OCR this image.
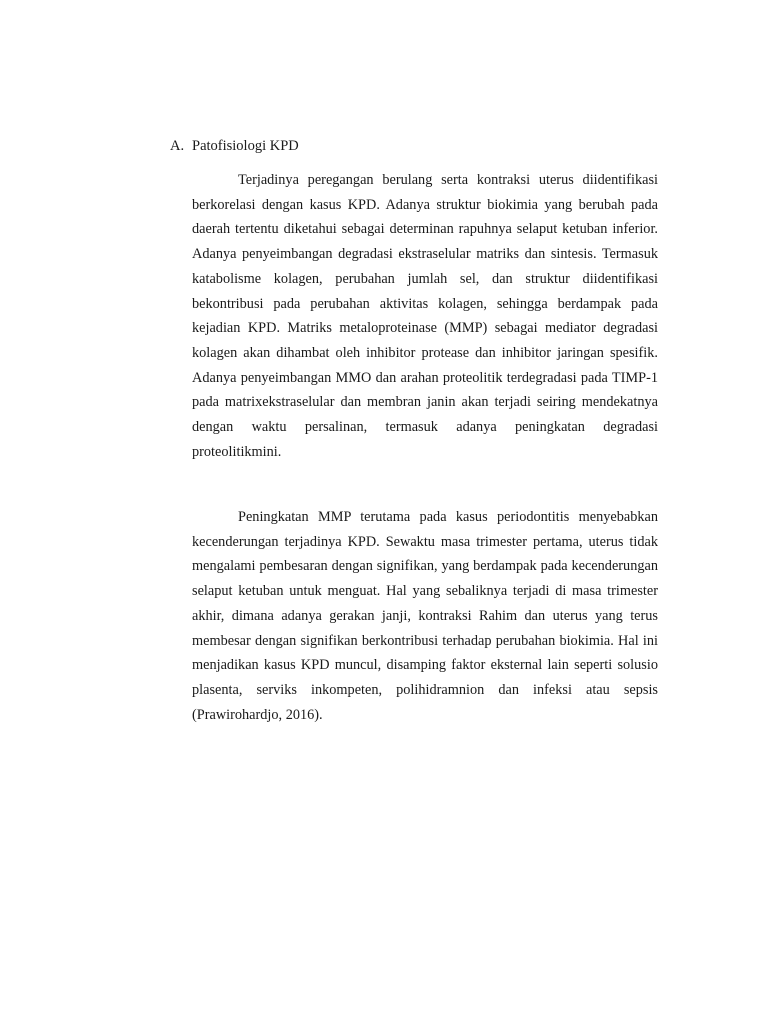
A. Patofisiologi KPD

Terjadinya peregangan berulang serta kontraksi uterus diidentifikasi berkorelasi dengan kasus KPD. Adanya struktur biokimia yang berubah pada daerah tertentu diketahui sebagai determinan rapuhnya selaput ketuban inferior. Adanya penyeimbangan degradasi ekstraselular matriks dan sintesis. Termasuk katabolisme kolagen, perubahan jumlah sel, dan struktur diidentifikasi bekontribusi pada perubahan aktivitas kolagen, sehingga berdampak pada kejadian KPD. Matriks metaloproteinase (MMP) sebagai mediator degradasi kolagen akan dihambat oleh inhibitor protease dan inhibitor jaringan spesifik. Adanya penyeimbangan MMO dan arahan proteolitik terdegradasi pada TIMP-1 pada matrixekstraselular dan membran janin akan terjadi seiring mendekatnya dengan waktu persalinan, termasuk adanya peningkatan degradasi proteolitikmini.

Peningkatan MMP terutama pada kasus periodontitis menyebabkan kecenderungan terjadinya KPD. Sewaktu masa trimester pertama, uterus tidak mengalami pembesaran dengan signifikan, yang berdampak pada kecenderungan selaput ketuban untuk menguat. Hal yang sebaliknya terjadi di masa trimester akhir, dimana adanya gerakan janji, kontraksi Rahim dan uterus yang terus membesar dengan signifikan berkontribusi terhadap perubahan biokimia. Hal ini menjadikan kasus KPD muncul, disamping faktor eksternal lain seperti solusio plasenta, serviks inkompeten, polihidramnion dan infeksi atau sepsis (Prawirohardjo, 2016).
